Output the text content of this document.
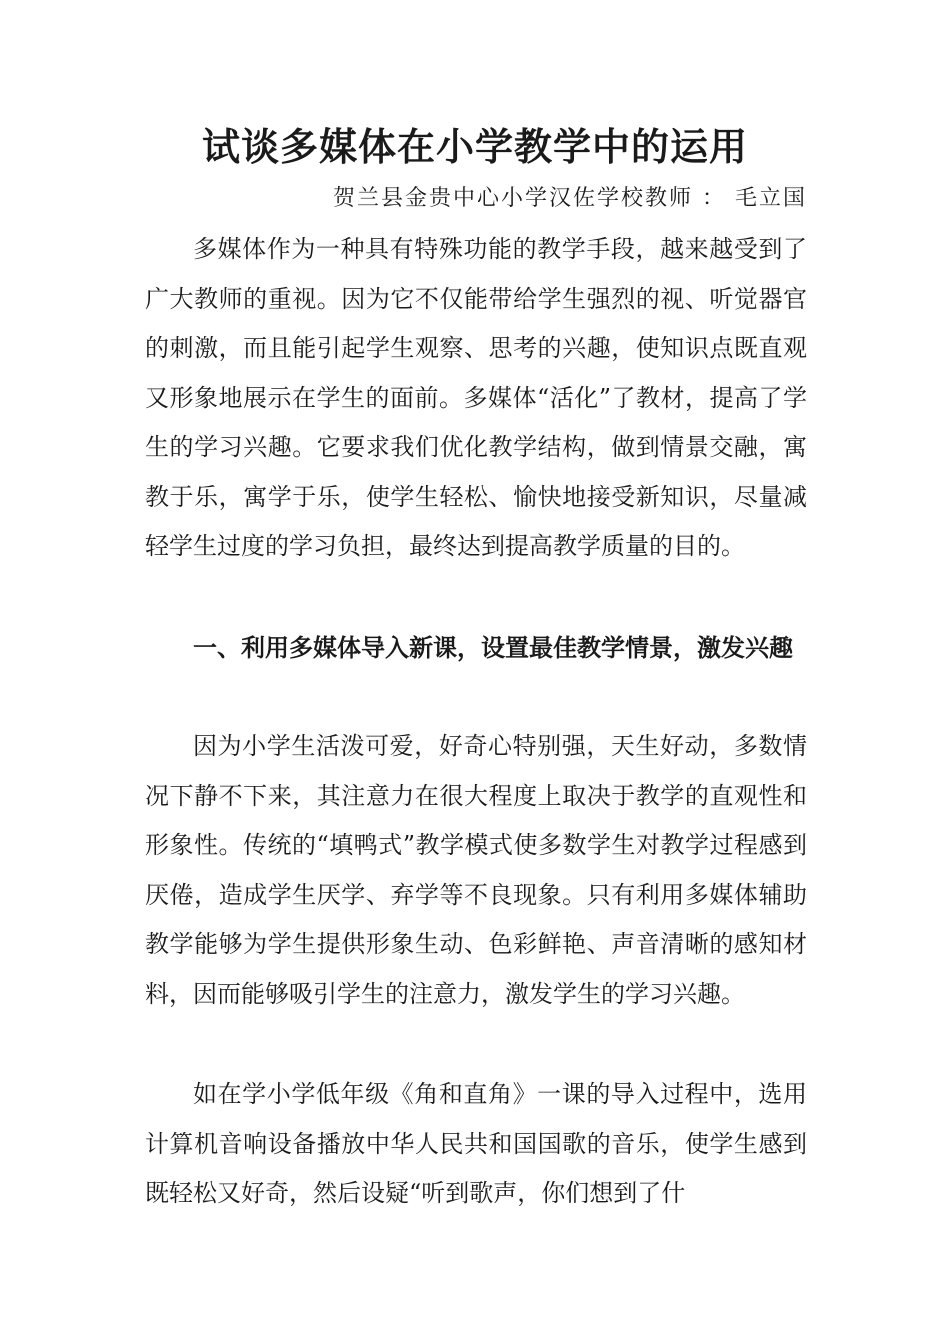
试谈多媒体在小学教学中的运用
贺兰县金贵中心小学汉佐学校教师 ： 毛立国

多媒体作为一种具有特殊功能的教学手段，越来越受到了广大教师的重视。因为它不仅能带给学生强烈的视、听觉器官的刺激，而且能引起学生观察、思考的兴趣，使知识点既直观又形象地展示在学生的面前。多媒体“活化”了教材，提高了学生的学习兴趣。它要求我们优化教学结构，做到情景交融，寓教于乐，寓学于乐，使学生轻松、愉快地接受新知识，尽量减轻学生过度的学习负担，最终达到提高教学质量的目的。

一、利用多媒体导入新课，设置最佳教学情景，激发兴趣

因为小学生活泼可爱，好奇心特别强，天生好动，多数情况下静不下来，其注意力在很大程度上取决于教学的直观性和形象性。传统的“填鸭式”教学模式使多数学生对教学过程感到厌倦，造成学生厌学、弃学等不良现象。只有利用多媒体辅助教学能够为学生提供形象生动、色彩鲜艳、声音清晰的感知材料，因而能够吸引学生的注意力，激发学生的学习兴趣。

如在学小学低年级《角和直角》一课的导入过程中，选用计算机音响设备播放中华人民共和国国歌的音乐，使学生感到既轻松又好奇，然后设疑“听到歌声，你们想到了什
